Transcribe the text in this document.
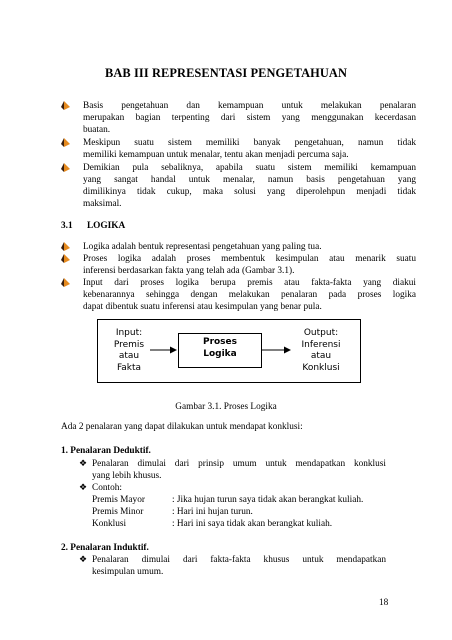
BAB III REPRESENTASI PENGETAHUAN
Basis pengetahuan dan kemampuan untuk melakukan penalaran
merupakan bagian terpenting dari sistem yang menggunakan kecerdasan
buatan.
Meskipun suatu sistem memiliki banyak pengetahuan, namun tidak
memiliki kemampuan untuk menalar, tentu akan menjadi percuma saja.
Demikian pula sebaliknya, apabila suatu sistem memiliki kemampuan
yang sangat handal untuk menalar, namun basis pengetahuan yang
dimilikinya tidak cukup, maka solusi yang diperolehpun menjadi tidak
maksimal.
3.1 LOGIKA
Logika adalah bentuk representasi pengetahuan yang paling tua.
Proses logika adalah proses membentuk kesimpulan atau menarik suatu
inferensi berdasarkan fakta yang telah ada (Gambar 3.1).
Input dari proses logika berupa premis atau fakta-fakta yang diakui
kebenarannya sehingga dengan melakukan penalaran pada proses logika
dapat dibentuk suatu inferensi atau kesimpulan yang benar pula.
Input:
Premis
atau
Fakta
Proses
Logika
Output:
Inferensi
atau
Konklusi
Gambar 3.1. Proses Logika
Ada 2 penalaran yang dapat dilakukan untuk mendapat konklusi:
1. Penalaran Deduktif.
❖ Penalaran dimulai dari prinsip umum untuk mendapatkan konklusi
yang lebih khusus.
❖ Contoh:
Premis Mayor	: Jika hujan turun saya tidak akan berangkat kuliah.
Premis Minor	: Hari ini hujan turun.
Konklusi	: Hari ini saya tidak akan berangkat kuliah.
2. Penalaran Induktif.
❖ Penalaran dimulai dari fakta-fakta khusus untuk mendapatkan
kesimpulan umum.
18
